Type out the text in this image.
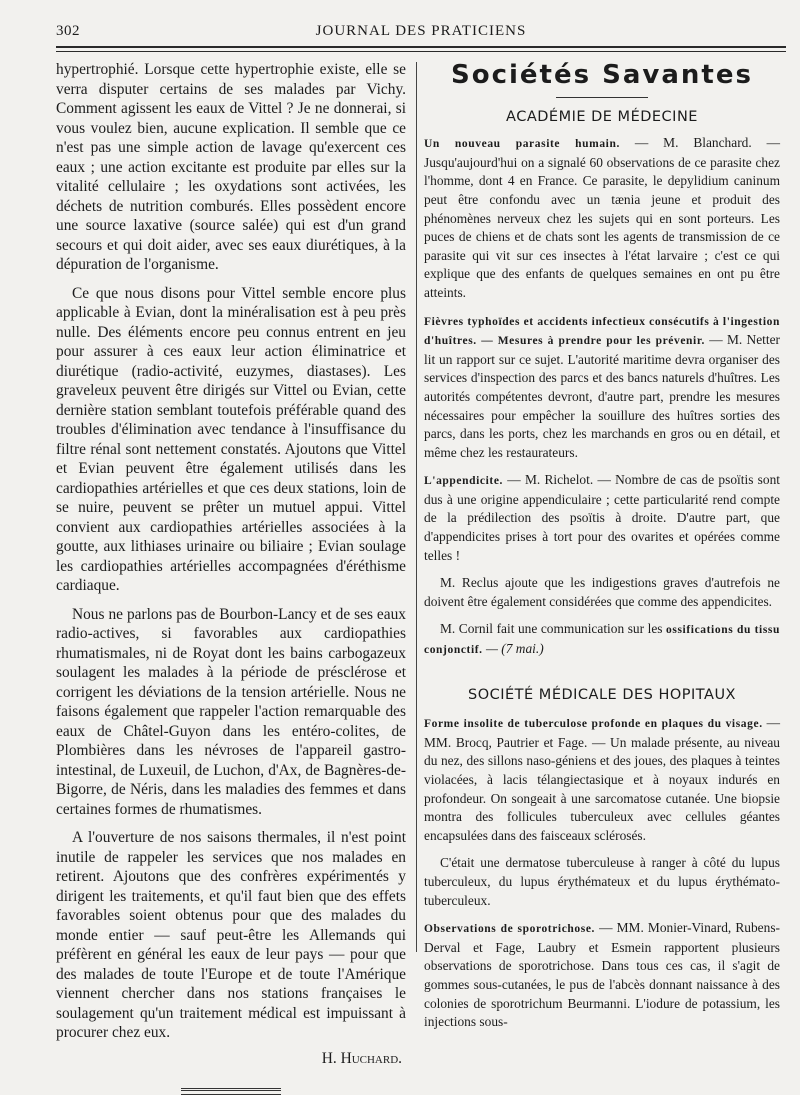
302	JOURNAL DES PRATICIENS

hypertrophié. Lorsque cette hypertrophie existe, elle se verra disputer certains de ses malades par Vichy. Comment agissent les eaux de Vittel ? Je ne donnerai, si vous voulez bien, aucune explication. Il semble que ce n'est pas une simple action de lavage qu'exercent ces eaux ; une action excitante est produite par elles sur la vitalité cellulaire ; les oxydations sont activées, les déchets de nutrition comburés. Elles possèdent encore une source laxative (source salée) qui est d'un grand secours et qui doit aider, avec ses eaux diurétiques, à la dépuration de l'organisme.

Ce que nous disons pour Vittel semble encore plus applicable à Evian, dont la minéralisation est à peu près nulle. Des éléments encore peu connus entrent en jeu pour assurer à ces eaux leur action éliminatrice et diurétique (radio-activité, euzymes, diastases). Les graveleux peuvent être dirigés sur Vittel ou Evian, cette dernière station semblant toutefois préférable quand des troubles d'élimination avec tendance à l'insuffisance du filtre rénal sont nettement constatés. Ajoutons que Vittel et Evian peuvent être également utilisés dans les cardiopathies artérielles et que ces deux stations, loin de se nuire, peuvent se prêter un mutuel appui. Vittel convient aux cardiopathies artérielles associées à la goutte, aux lithiases urinaire ou biliaire ; Evian soulage les cardiopathies artérielles accompagnées d'éréthisme cardiaque.

Nous ne parlons pas de Bourbon-Lancy et de ses eaux radio-actives, si favorables aux cardiopathies rhumatismales, ni de Royat dont les bains carbogazeux soulagent les malades à la période de présclérose et corrigent les déviations de la tension artérielle. Nous ne faisons également que rappeler l'action remarquable des eaux de Châtel-Guyon dans les entéro-colites, de Plombières dans les névroses de l'appareil gastro-intestinal, de Luxeuil, de Luchon, d'Ax, de Bagnères-de-Bigorre, de Néris, dans les maladies des femmes et dans certaines formes de rhumatismes.

A l'ouverture de nos saisons thermales, il n'est point inutile de rappeler les services que nos malades en retirent. Ajoutons que des confrères expérimentés y dirigent les traitements, et qu'il faut bien que des effets favorables soient obtenus pour que des malades du monde entier — sauf peut-être les Allemands qui préfèrent en général les eaux de leur pays — pour que des malades de toute l'Europe et de toute l'Amérique viennent chercher dans nos stations françaises le soulagement qu'un traitement médical est impuissant à procurer chez eux.

H. Huchard.
Sociétés Savantes
ACADÉMIE DE MÉDECINE

Un nouveau parasite humain. — M. Blanchard. — Jusqu'aujourd'hui on a signalé 60 observations de ce parasite chez l'homme, dont 4 en France. Ce parasite, le depylidium caninum peut être confondu avec un tænia jeune et produit des phénomènes nerveux chez les sujets qui en sont porteurs. Les puces de chiens et de chats sont les agents de transmission de ce parasite qui vit sur ces insectes à l'état larvaire ; c'est ce qui explique que des enfants de quelques semaines en ont pu être atteints.

Fièvres typhoïdes et accidents infectieux consécutifs à l'ingestion d'huîtres. — Mesures à prendre pour les prévenir. — M. Netter lit un rapport sur ce sujet. L'autorité maritime devra organiser des services d'inspection des parcs et des bancs naturels d'huîtres. Les autorités compétentes devront, d'autre part, prendre les mesures nécessaires pour empêcher la souillure des huîtres sorties des parcs, dans les ports, chez les marchands en gros ou en détail, et même chez les restaurateurs.

L'appendicite. — M. Richelot. — Nombre de cas de psoïtis sont dus à une origine appendiculaire ; cette particularité rend compte de la prédilection des psoïtis à droite. D'autre part, que d'appendicites prises à tort pour des ovarites et opérées comme telles !

M. Reclus ajoute que les indigestions graves d'autrefois ne doivent être également considérées que comme des appendicites.

M. Cornil fait une communication sur les ossifications du tissu conjonctif. — (7 mai.)

SOCIÉTÉ MÉDICALE DES HOPITAUX

Forme insolite de tuberculose profonde en plaques du visage. — MM. Brocq, Pautrier et Fage. — Un malade présente, au niveau du nez, des sillons naso-géniens et des joues, des plaques à teintes violacées, à lacis télangiectasique et à noyaux indurés en profondeur. On songeait à une sarcomatose cutanée. Une biopsie montra des follicules tuberculeux avec cellules géantes encapsulées dans des faisceaux sclérosés.

C'était une dermatose tuberculeuse à ranger à côté du lupus tuberculeux, du lupus érythémateux et du lupus érythémato-tuberculeux.

Observations de sporotrichose. — MM. Monier-Vinard, Rubens-Derval et Fage, Laubry et Esmein rapportent plusieurs observations de sporotrichose. Dans tous ces cas, il s'agit de gommes sous-cutanées, le pus de l'abcès donnant naissance à des colonies de sporotrichum Beurmanni. L'iodure de potassium, les injections sous-
